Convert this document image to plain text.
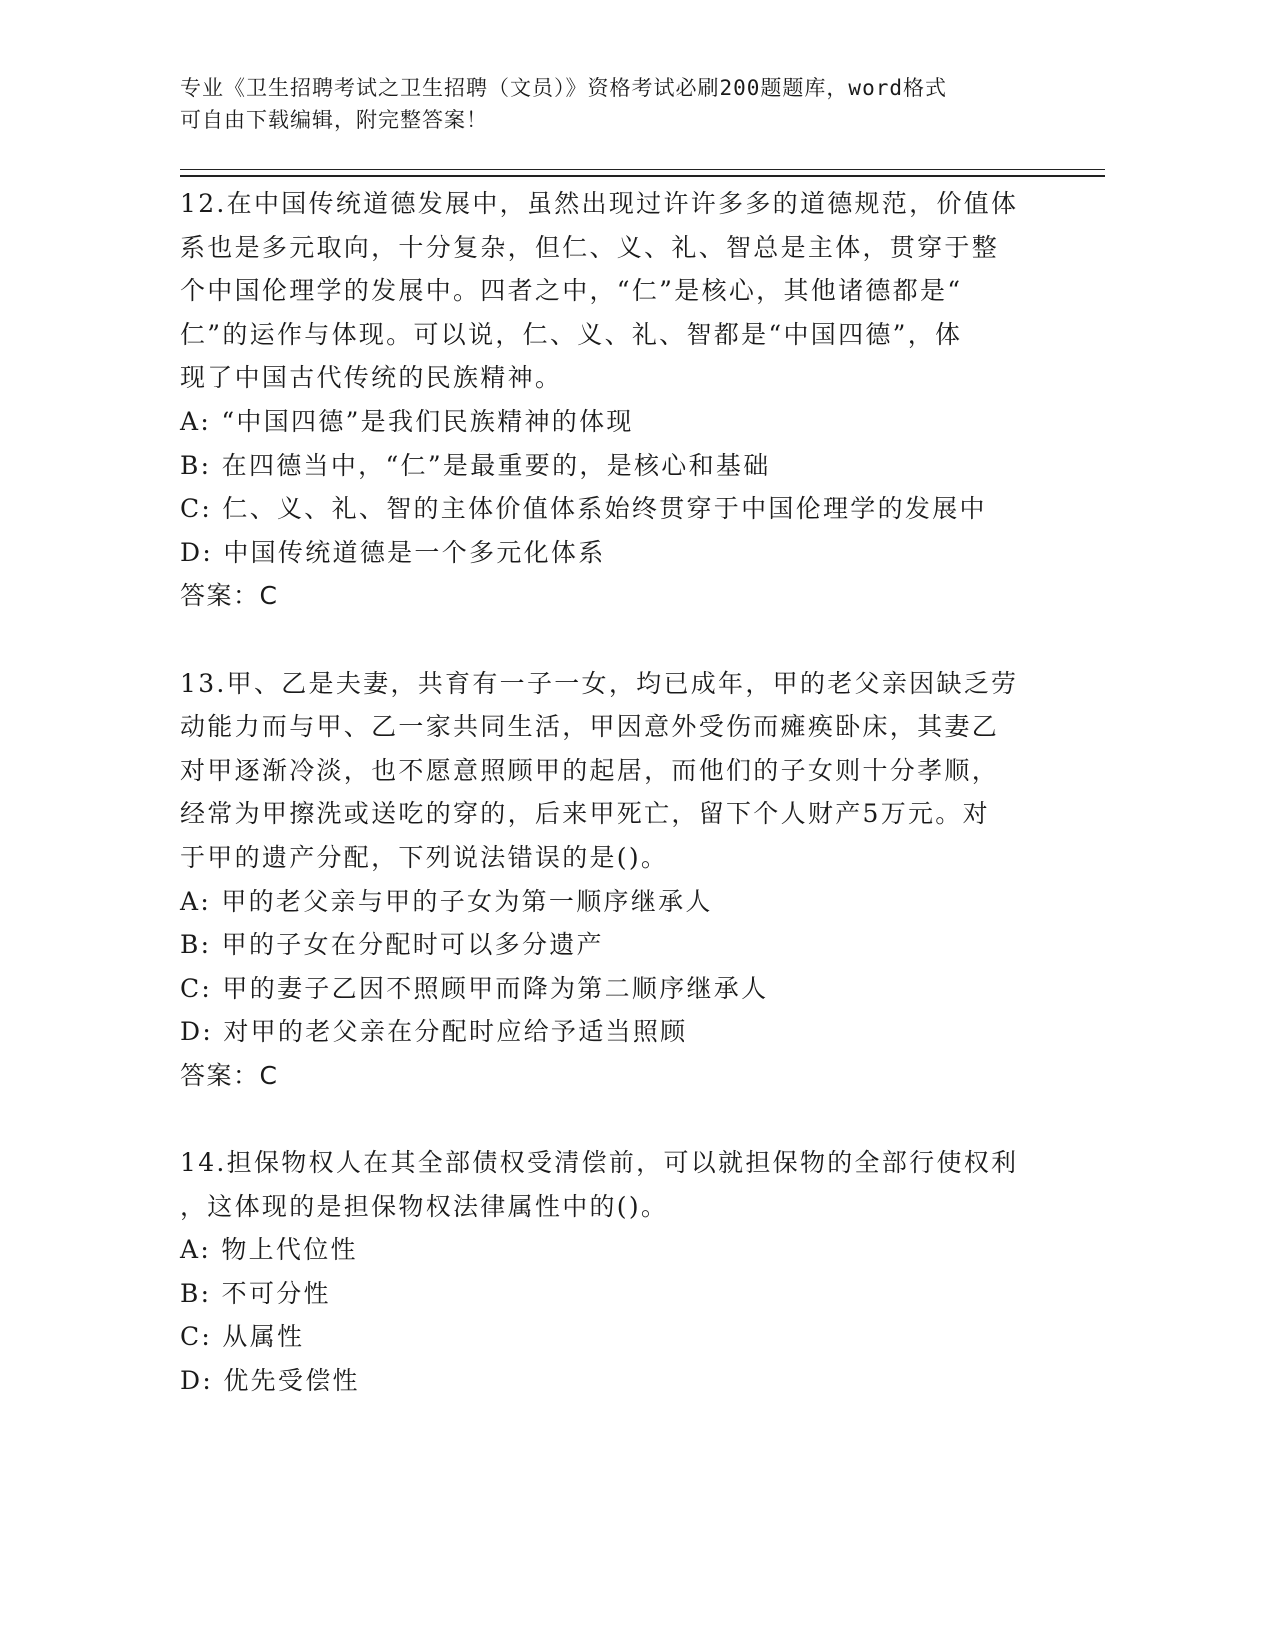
专业《卫生招聘考试之卫生招聘（文员）》资格考试必刷200题题库，word格式
可自由下载编辑，附完整答案！
12.在中国传统道德发展中，虽然出现过许许多多的道德规范，价值体
系也是多元取向，十分复杂，但仁、义、礼、智总是主体，贯穿于整
个中国伦理学的发展中。四者之中，“仁”是核心，其他诸德都是“
仁”的运作与体现。可以说，仁、义、礼、智都是“中国四德”，体
现了中国古代传统的民族精神。
A: “中国四德”是我们民族精神的体现
B: 在四德当中，“仁”是最重要的，是核心和基础
C: 仁、义、礼、智的主体价值体系始终贯穿于中国伦理学的发展中
D: 中国传统道德是一个多元化体系
答案：C
13.甲、乙是夫妻，共育有一子一女，均已成年，甲的老父亲因缺乏劳
动能力而与甲、乙一家共同生活，甲因意外受伤而瘫痪卧床，其妻乙
对甲逐渐冷淡，也不愿意照顾甲的起居，而他们的子女则十分孝顺，
经常为甲擦洗或送吃的穿的，后来甲死亡，留下个人财产5万元。对
于甲的遗产分配，下列说法错误的是()。
A: 甲的老父亲与甲的子女为第一顺序继承人
B: 甲的子女在分配时可以多分遗产
C: 甲的妻子乙因不照顾甲而降为第二顺序继承人
D: 对甲的老父亲在分配时应给予适当照顾
答案：C
14.担保物权人在其全部债权受清偿前，可以就担保物的全部行使权利
，这体现的是担保物权法律属性中的()。
A: 物上代位性
B: 不可分性
C: 从属性
D: 优先受偿性
